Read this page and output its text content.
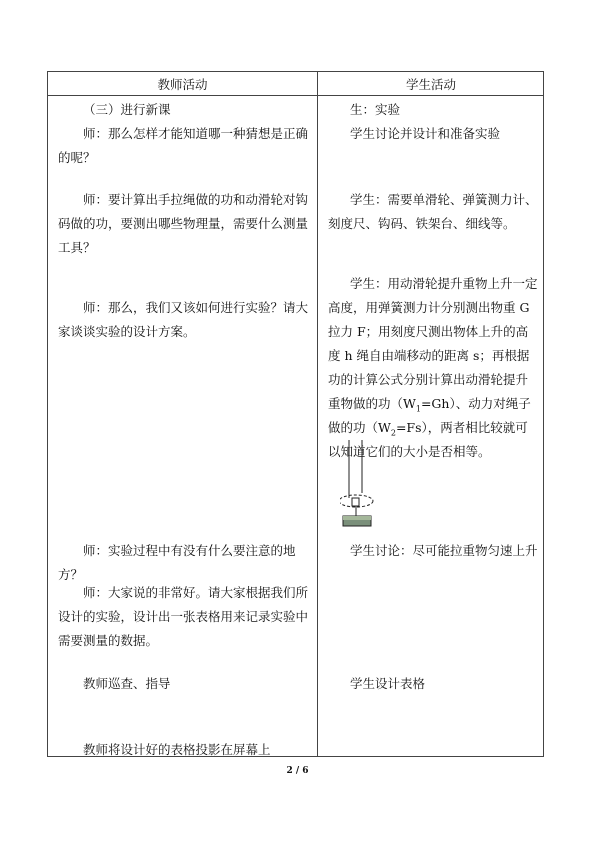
教师活动	学生活动

（三）进行新课

师：那么怎样才能知道哪一种猜想是正确的呢？

师：要计算出手拉绳做的功和动滑轮对钩码做的功，要测出哪些物理量，需要什么测量工具？

师：那么，我们又该如何进行实验？请大家谈谈实验的设计方案。

师：实验过程中有没有什么要注意的地方？

师：大家说的非常好。请大家根据我们所设计的实验，设计出一张表格用来记录实验中需要测量的数据。

教师巡查、指导

教师将设计好的表格投影在屏幕上

生：实验

学生讨论并设计和准备实验

学生：需要单滑轮、弹簧测力计、刻度尺、钩码、铁架台、细线等。

学生：用动滑轮提升重物上升一定高度，用弹簧测力计分别测出物重 G 拉力 F；用刻度尺测出物体上升的高度 h 绳自由端移动的距离 s；再根据功的计算公式分别计算出动滑轮提升重物做的功$(W_1=Gh)$、动力对绳子做的功$(W_2=Fs)$，两者相比较就可以知道它们的大小是否相等。

学生讨论：尽可能拉重物匀速上升

学生设计表格

2 / 6
